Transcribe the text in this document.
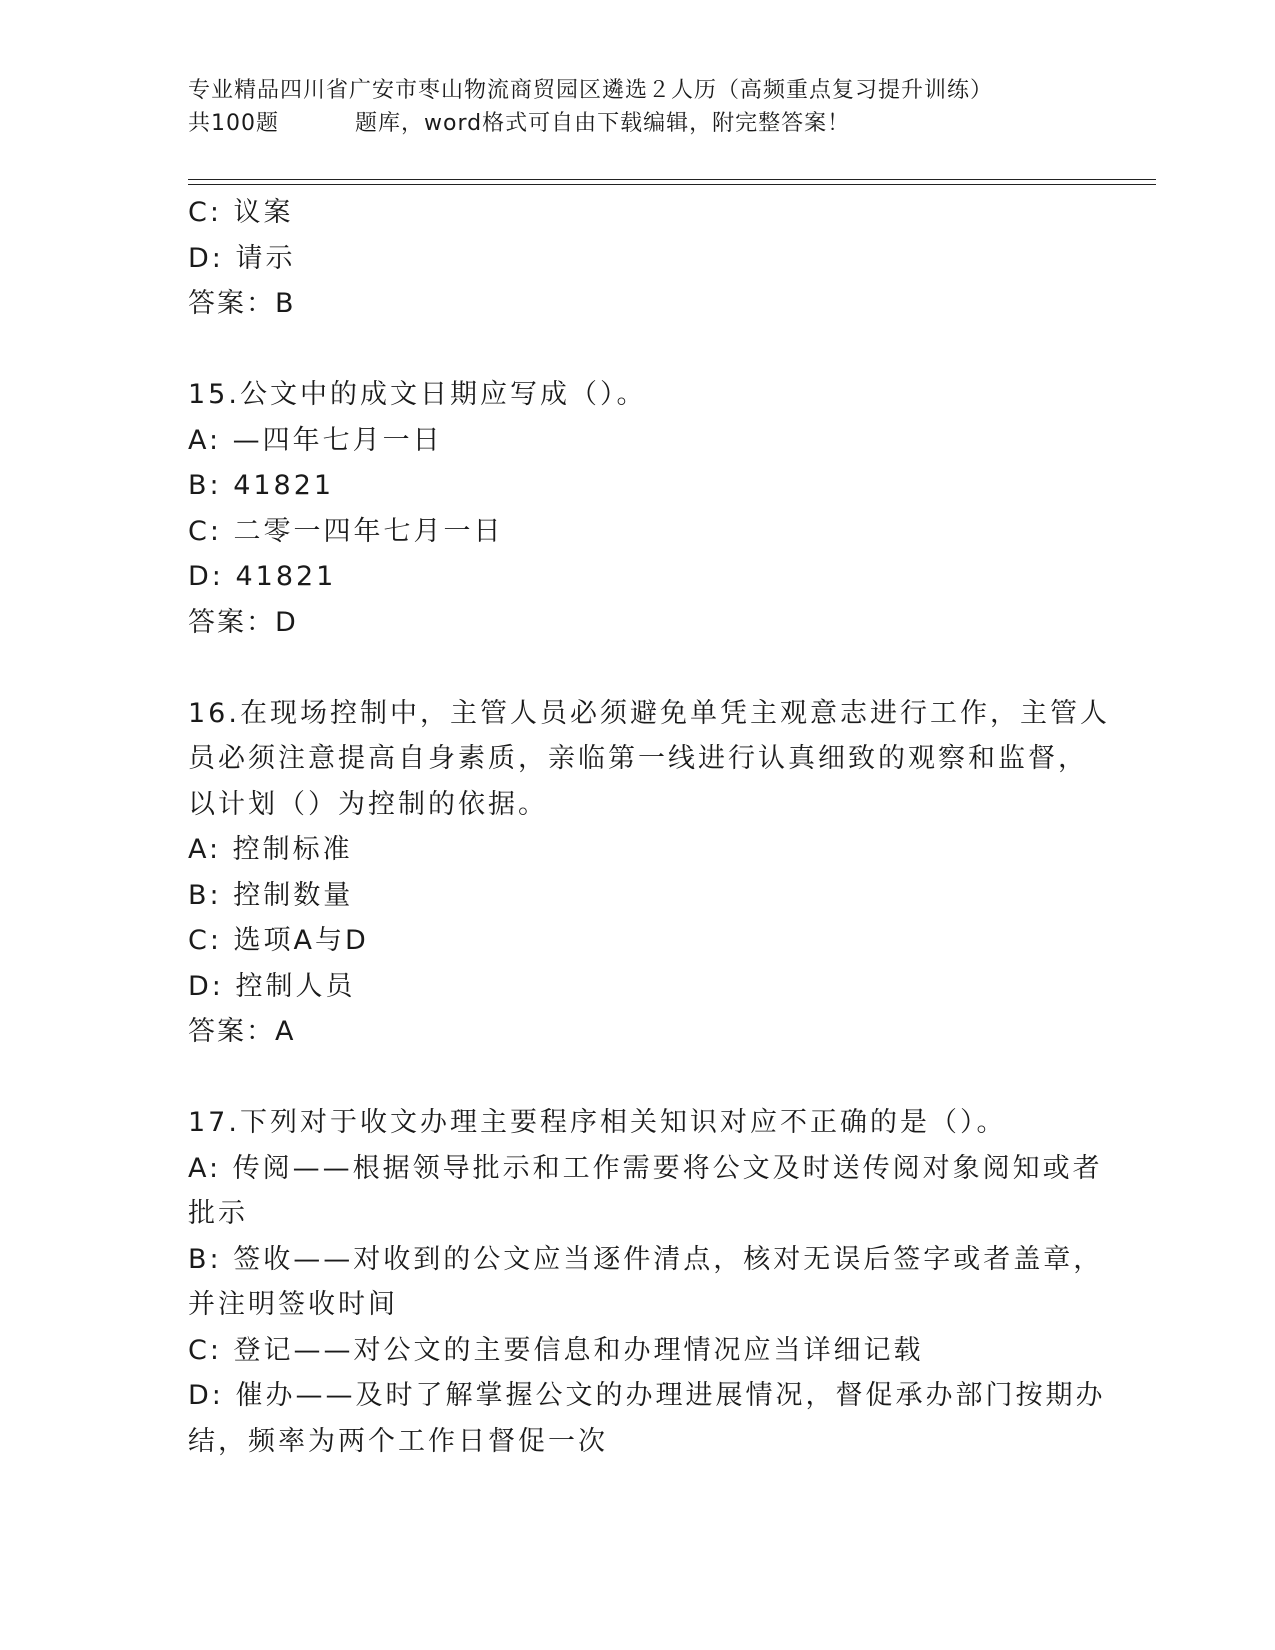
专业精品四川省广安市枣山物流商贸园区遴选２人历（高频重点复习提升训练）
共100题	题库，word格式可自由下载编辑，附完整答案！
C: 议案
D: 请示
答案：B
15.公文中的成文日期应写成（）。
A: —四年七月一日
B: 41821
C: 二零一四年七月一日
D: 41821
答案：D
16.在现场控制中，主管人员必须避免单凭主观意志进行工作，主管人
员必须注意提高自身素质，亲临第一线进行认真细致的观察和监督，
以计划（）为控制的依据。
A: 控制标准
B: 控制数量
C: 选项A与D
D: 控制人员
答案：A
17.下列对于收文办理主要程序相关知识对应不正确的是（）。
A: 传阅——根据领导批示和工作需要将公文及时送传阅对象阅知或者
批示
B: 签收——对收到的公文应当逐件清点，核对无误后签字或者盖章，
并注明签收时间
C: 登记——对公文的主要信息和办理情况应当详细记载
D: 催办——及时了解掌握公文的办理进展情况，督促承办部门按期办
结，频率为两个工作日督促一次
